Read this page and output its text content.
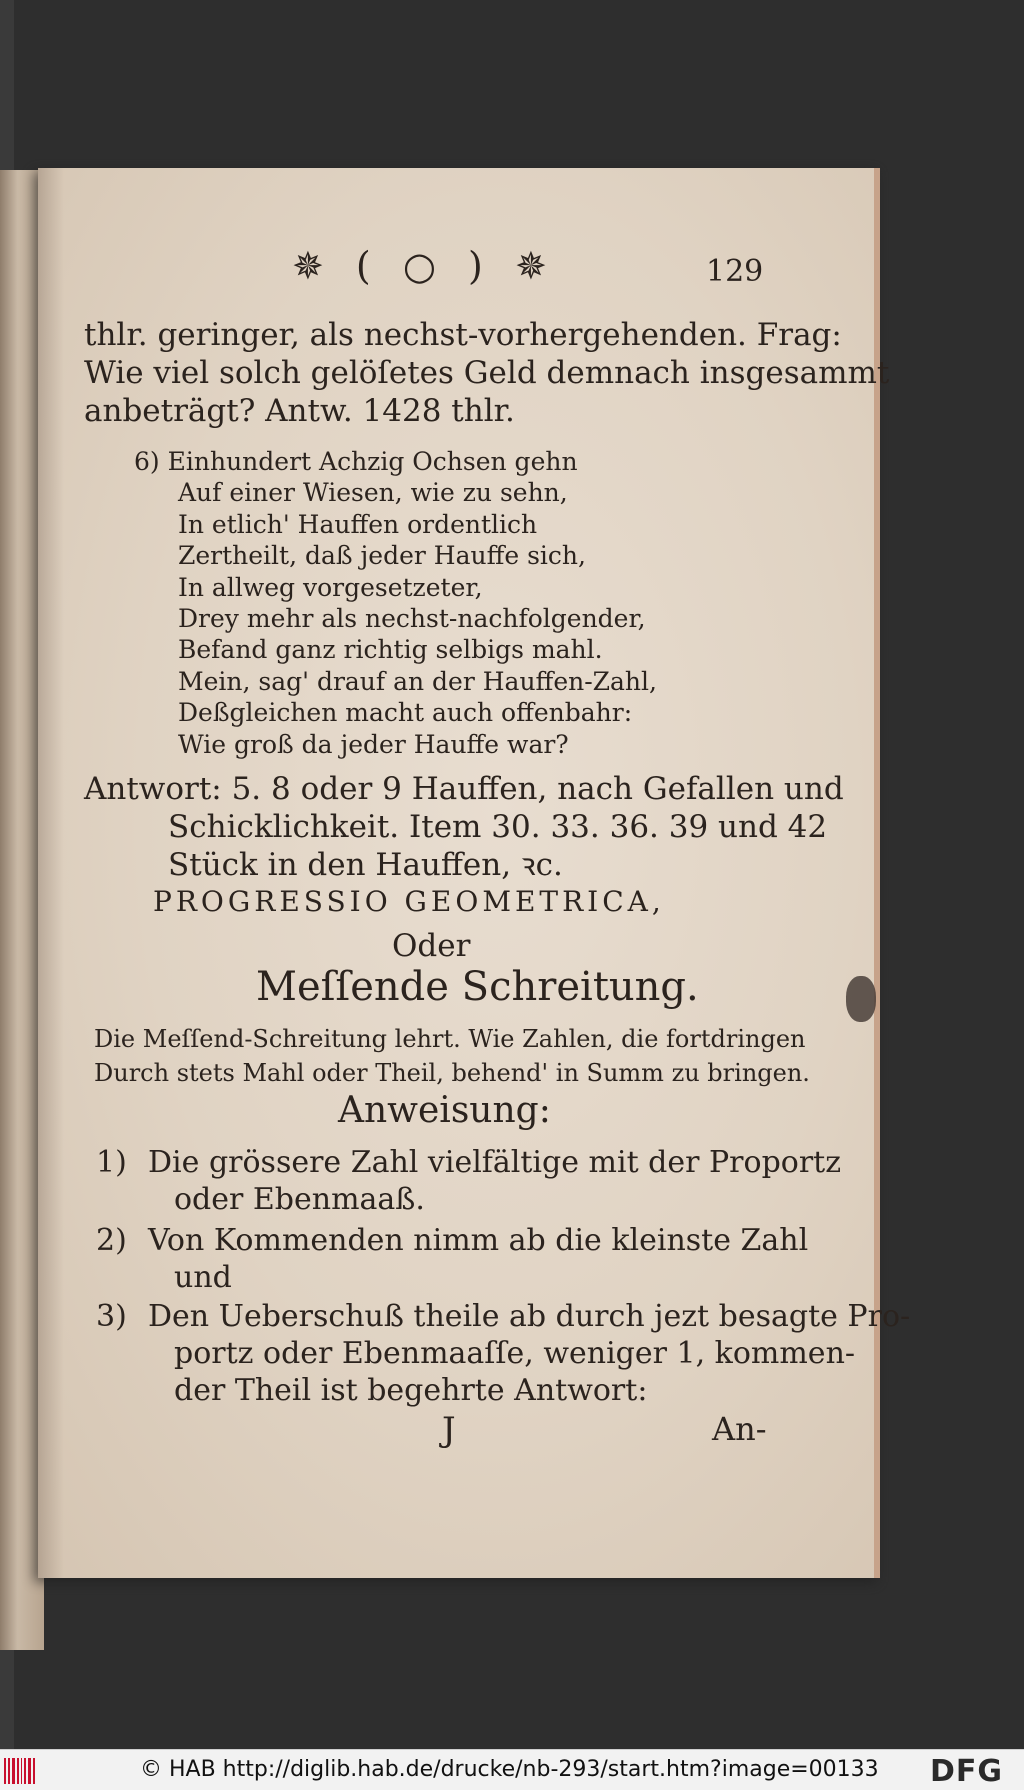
✵ ( ○ ) ✵	129
thlr. geringer, als nechst-vorhergehenden. Frag:
Wie viel solch gelöſetes Geld demnach insgesammt
anbeträgt? Antw. 1428 thlr.
6) Einhundert Achzig Ochsen gehn
Auf einer Wiesen, wie zu sehn,
In etlich' Hauffen ordentlich
Zertheilt, daß jeder Hauffe sich,
In allweg vorgesetzeter,
Drey mehr als nechst-nachfolgender,
Befand ganz richtig selbigs mahl.
Mein, sag' drauf an der Hauffen-Zahl,
Deßgleichen macht auch offenbahr:
Wie groß da jeder Hauffe war?
Antwort: 5. 8 oder 9 Hauffen, nach Gefallen und
Schicklichkeit. Item 30. 33. 36. 39 und 42
Stück in den Hauffen, ꝛc.
PROGRESSIO GEOMETRICA,
Oder
Meſſende Schreitung.
Die Meſſend-Schreitung lehrt. Wie Zahlen, die fortdringen
Durch stets Mahl oder Theil, behend' in Summ zu bringen.
Anweisung:
1) Die grössere Zahl vielfältige mit der Proportz
oder Ebenmaaß.
2) Von Kommenden nimm ab die kleinste Zahl
und
3) Den Ueberschuß theile ab durch jezt besagte Pro-
portz oder Ebenmaaſſe, weniger 1, kommen-
der Theil ist begehrte Antwort:
J	An-
© HAB http://diglib.hab.de/drucke/nb-293/start.htm?image=00133 DFG
